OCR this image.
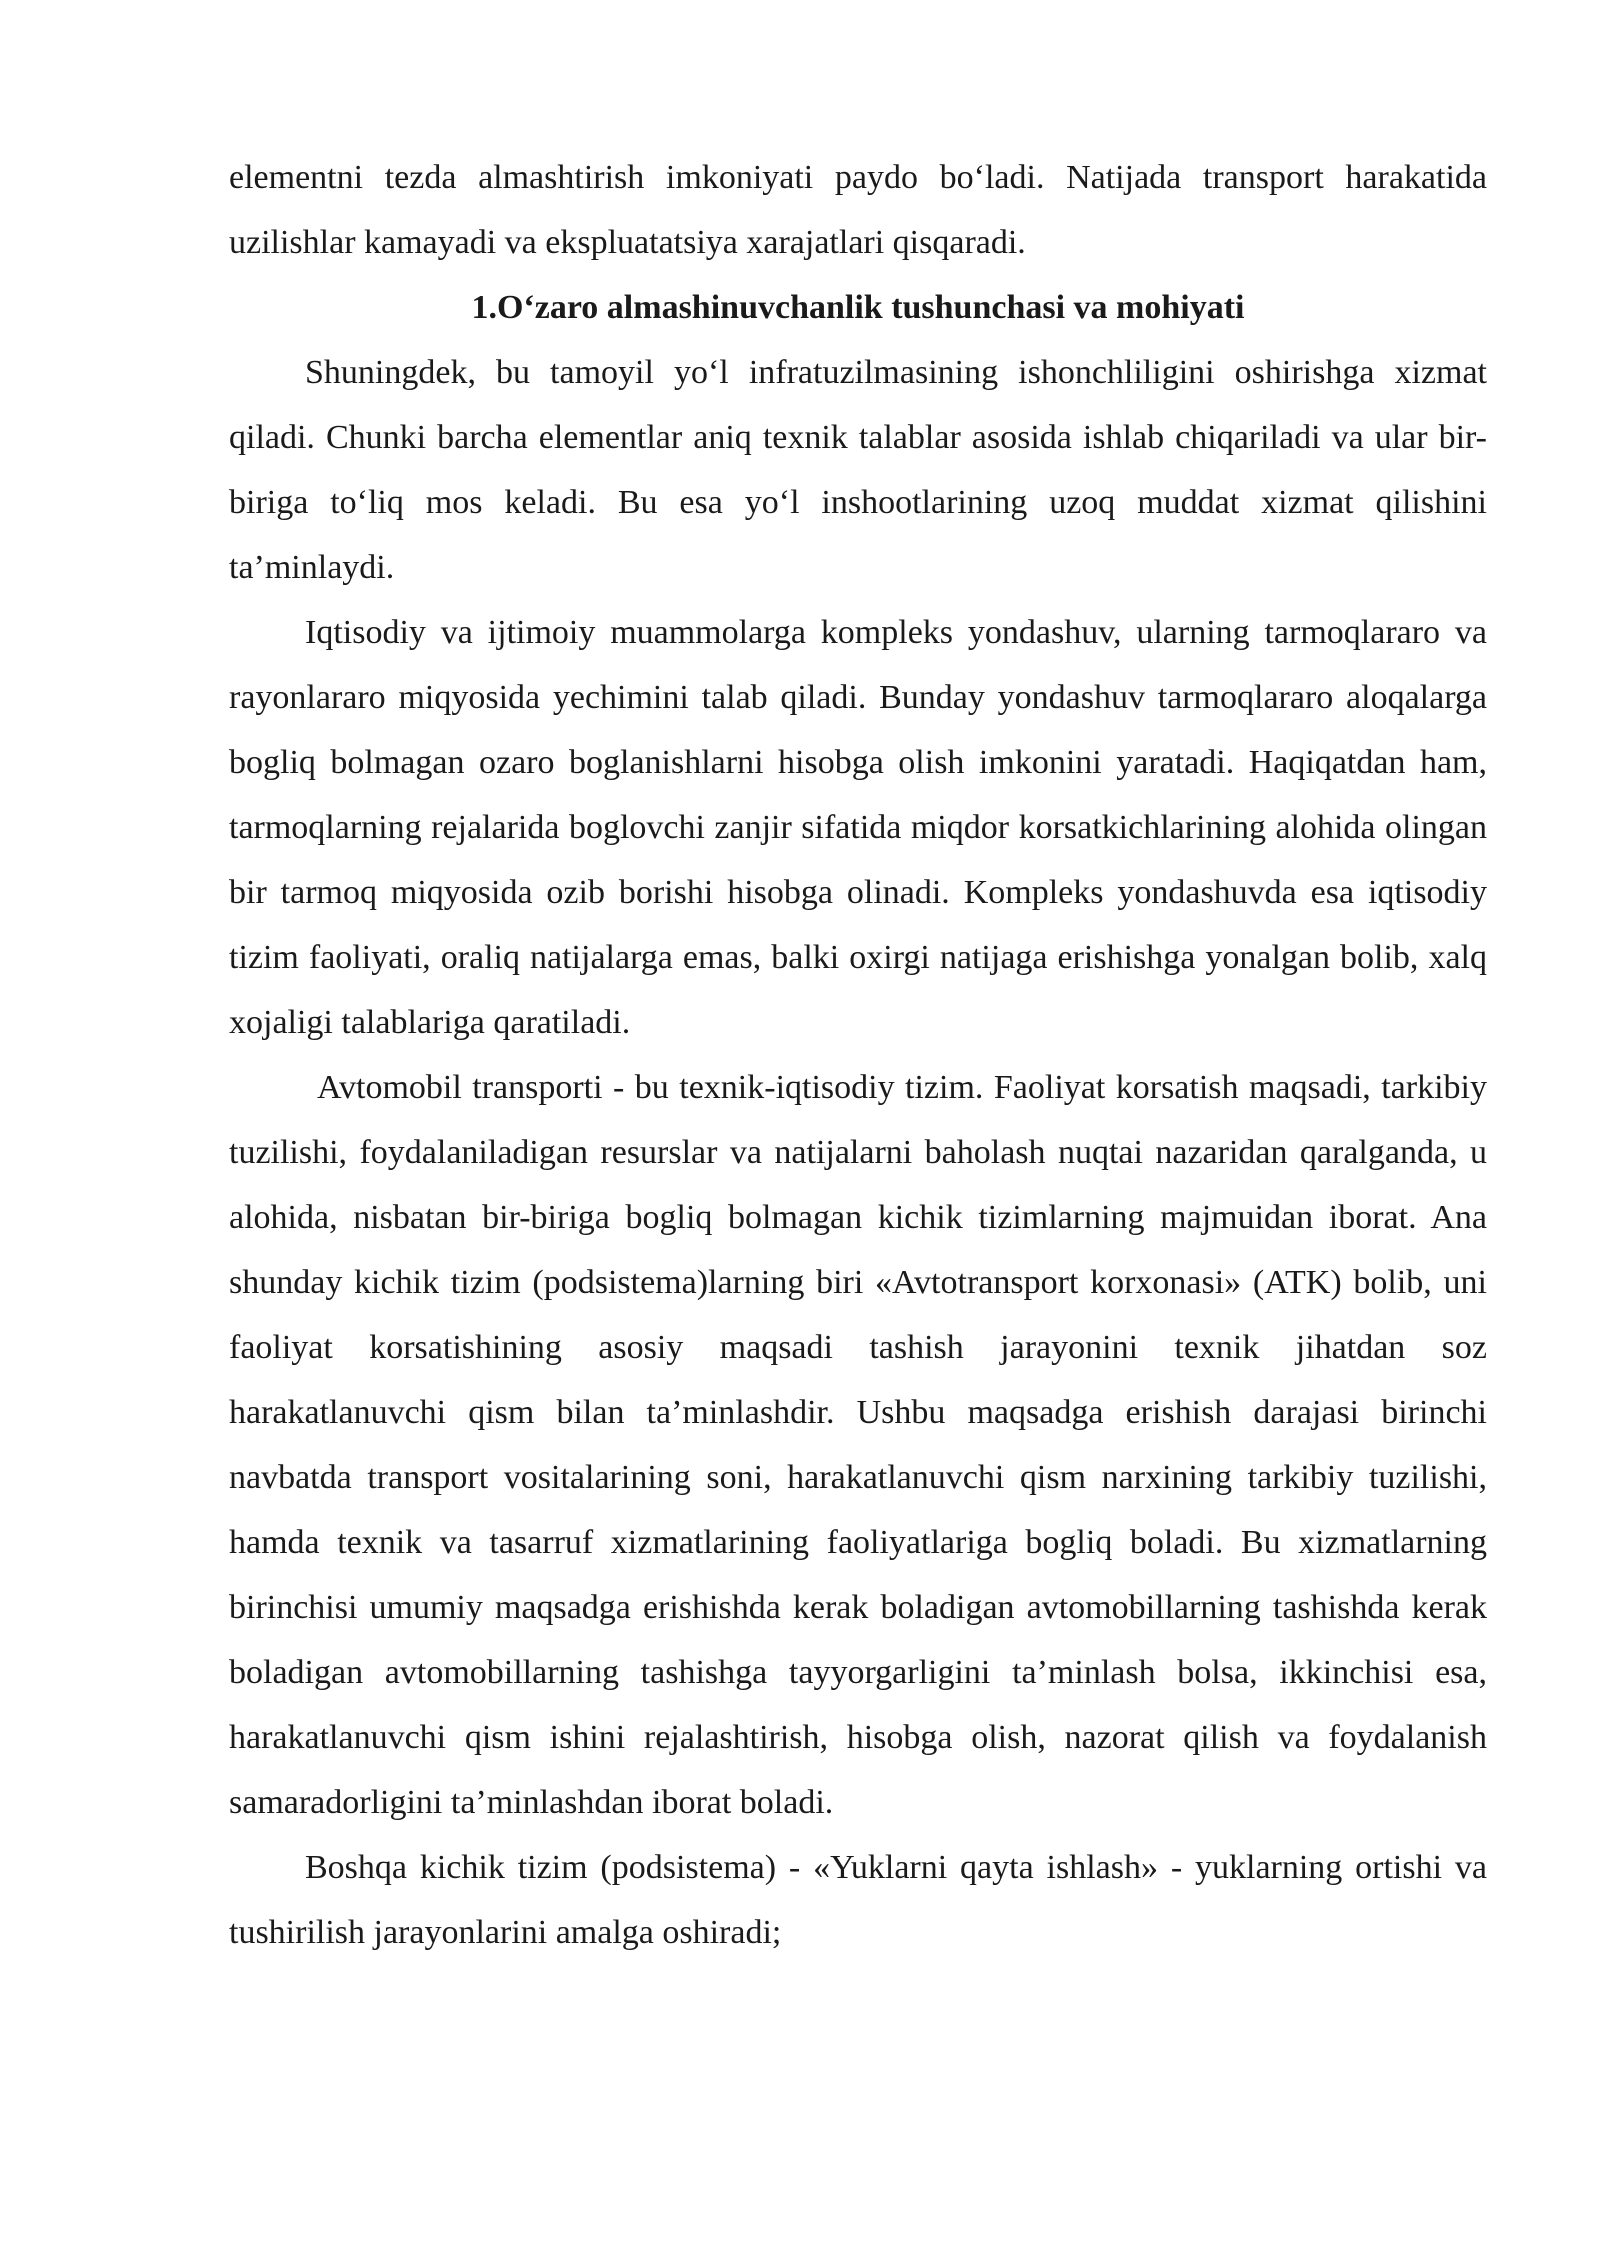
elementni tezda almashtirish imkoniyati paydo bo‘ladi. Natijada transport harakatida uzilishlar kamayadi va ekspluatatsiya xarajatlari qisqaradi.

1.O‘zaro almashinuvchanlik tushunchasi va mohiyati

Shuningdek, bu tamoyil yo‘l infratuzilmasining ishonchliligini oshirishga xizmat qiladi. Chunki barcha elementlar aniq texnik talablar asosida ishlab chiqariladi va ular bir-biriga to‘liq mos keladi. Bu esa yo‘l inshootlarining uzoq muddat xizmat qilishini ta’minlaydi.

Iqtisodiy va ijtimoiy muammolarga kompleks yondashuv, ularning tarmoqlararo va rayonlararo miqyosida yechimini talab qiladi. Bunday yondashuv tarmoqlararo aloqalarga bogliq bolmagan ozaro boglanishlarni hisobga olish imkonini yaratadi. Haqiqatdan ham, tarmoqlarning rejalarida boglovchi zanjir sifatida miqdor korsatkichlarining alohida olingan bir tarmoq miqyosida ozib borishi hisobga olinadi. Kompleks yondashuvda esa iqtisodiy tizim faoliyati, oraliq natijalarga emas, balki oxirgi natijaga erishishga yonalgan bolib, xalq xojaligi talablariga qaratiladi.

Avtomobil transporti - bu texnik-iqtisodiy tizim. Faoliyat korsatish maqsadi, tarkibiy tuzilishi, foydalaniladigan resurslar va natijalarni baholash nuqtai nazaridan qaralganda, u alohida, nisbatan bir-biriga bogliq bolmagan kichik tizimlarning majmuidan iborat. Ana shunday kichik tizim (podsistema)larning biri «Avtotransport korxonasi» (ATK) bolib, uni faoliyat korsatishining asosiy maqsadi tashish jarayonini texnik jihatdan soz harakatlanuvchi qism bilan ta’minlashdir. Ushbu maqsadga erishish darajasi birinchi navbatda transport vositalarining soni, harakatlanuvchi qism narxining tarkibiy tuzilishi, hamda texnik va tasarruf xizmatlarining faoliyatlariga bogliq boladi. Bu xizmatlarning birinchisi umumiy maqsadga erishishda kerak boladigan avtomobillarning tashishda kerak boladigan avtomobillarning tashishga tayyorgarligini ta’minlash bolsa, ikkinchisi esa, harakatlanuvchi qism ishini rejalashtirish, hisobga olish, nazorat qilish va foydalanish samaradorligini ta’minlashdan iborat boladi.

Boshqa kichik tizim (podsistema) - «Yuklarni qayta ishlash» - yuklarning ortishi va tushirilish jarayonlarini amalga oshiradi;
